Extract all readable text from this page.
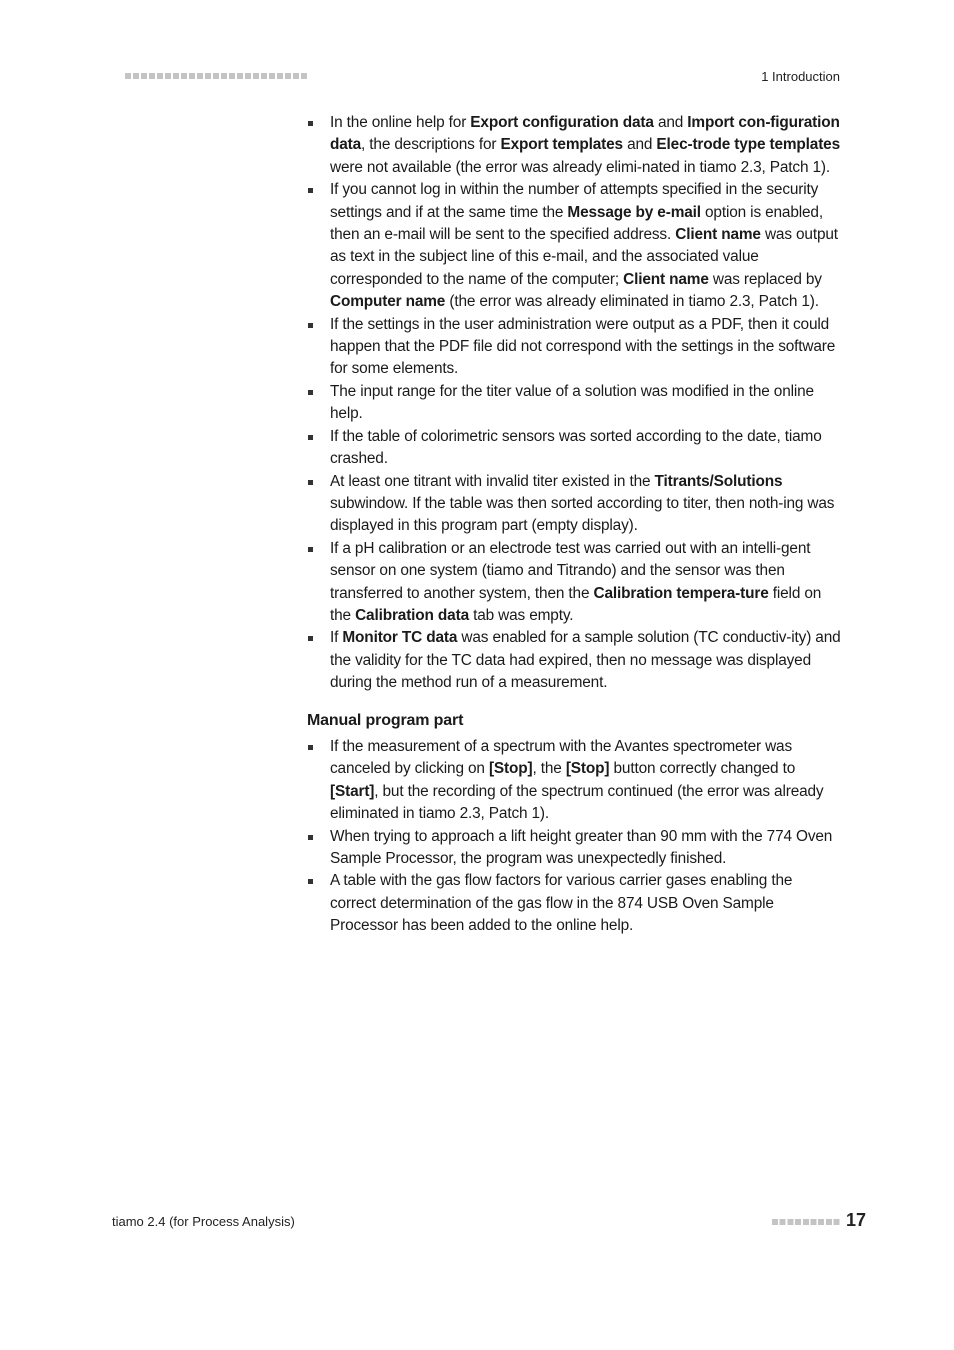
1 Introduction
In the online help for Export configuration data and Import con-figuration data, the descriptions for Export templates and Elec-trode type templates were not available (the error was already elimi-nated in tiamo 2.3, Patch 1).
If you cannot log in within the number of attempts specified in the security settings and if at the same time the Message by e-mail option is enabled, then an e-mail will be sent to the specified address. Client name was output as text in the subject line of this e-mail, and the associated value corresponded to the name of the computer; Client name was replaced by Computer name (the error was already eliminated in tiamo 2.3, Patch 1).
If the settings in the user administration were output as a PDF, then it could happen that the PDF file did not correspond with the settings in the software for some elements.
The input range for the titer value of a solution was modified in the online help.
If the table of colorimetric sensors was sorted according to the date, tiamo crashed.
At least one titrant with invalid titer existed in the Titrants/Solutions subwindow. If the table was then sorted according to titer, then noth-ing was displayed in this program part (empty display).
If a pH calibration or an electrode test was carried out with an intelli-gent sensor on one system (tiamo and Titrando) and the sensor was then transferred to another system, then the Calibration tempera-ture field on the Calibration data tab was empty.
If Monitor TC data was enabled for a sample solution (TC conductiv-ity) and the validity for the TC data had expired, then no message was displayed during the method run of a measurement.
Manual program part
If the measurement of a spectrum with the Avantes spectrometer was canceled by clicking on [Stop], the [Stop] button correctly changed to [Start], but the recording of the spectrum continued (the error was already eliminated in tiamo 2.3, Patch 1).
When trying to approach a lift height greater than 90 mm with the 774 Oven Sample Processor, the program was unexpectedly finished.
A table with the gas flow factors for various carrier gases enabling the correct determination of the gas flow in the 874 USB Oven Sample Processor has been added to the online help.
tiamo 2.4 (for Process Analysis)	17
